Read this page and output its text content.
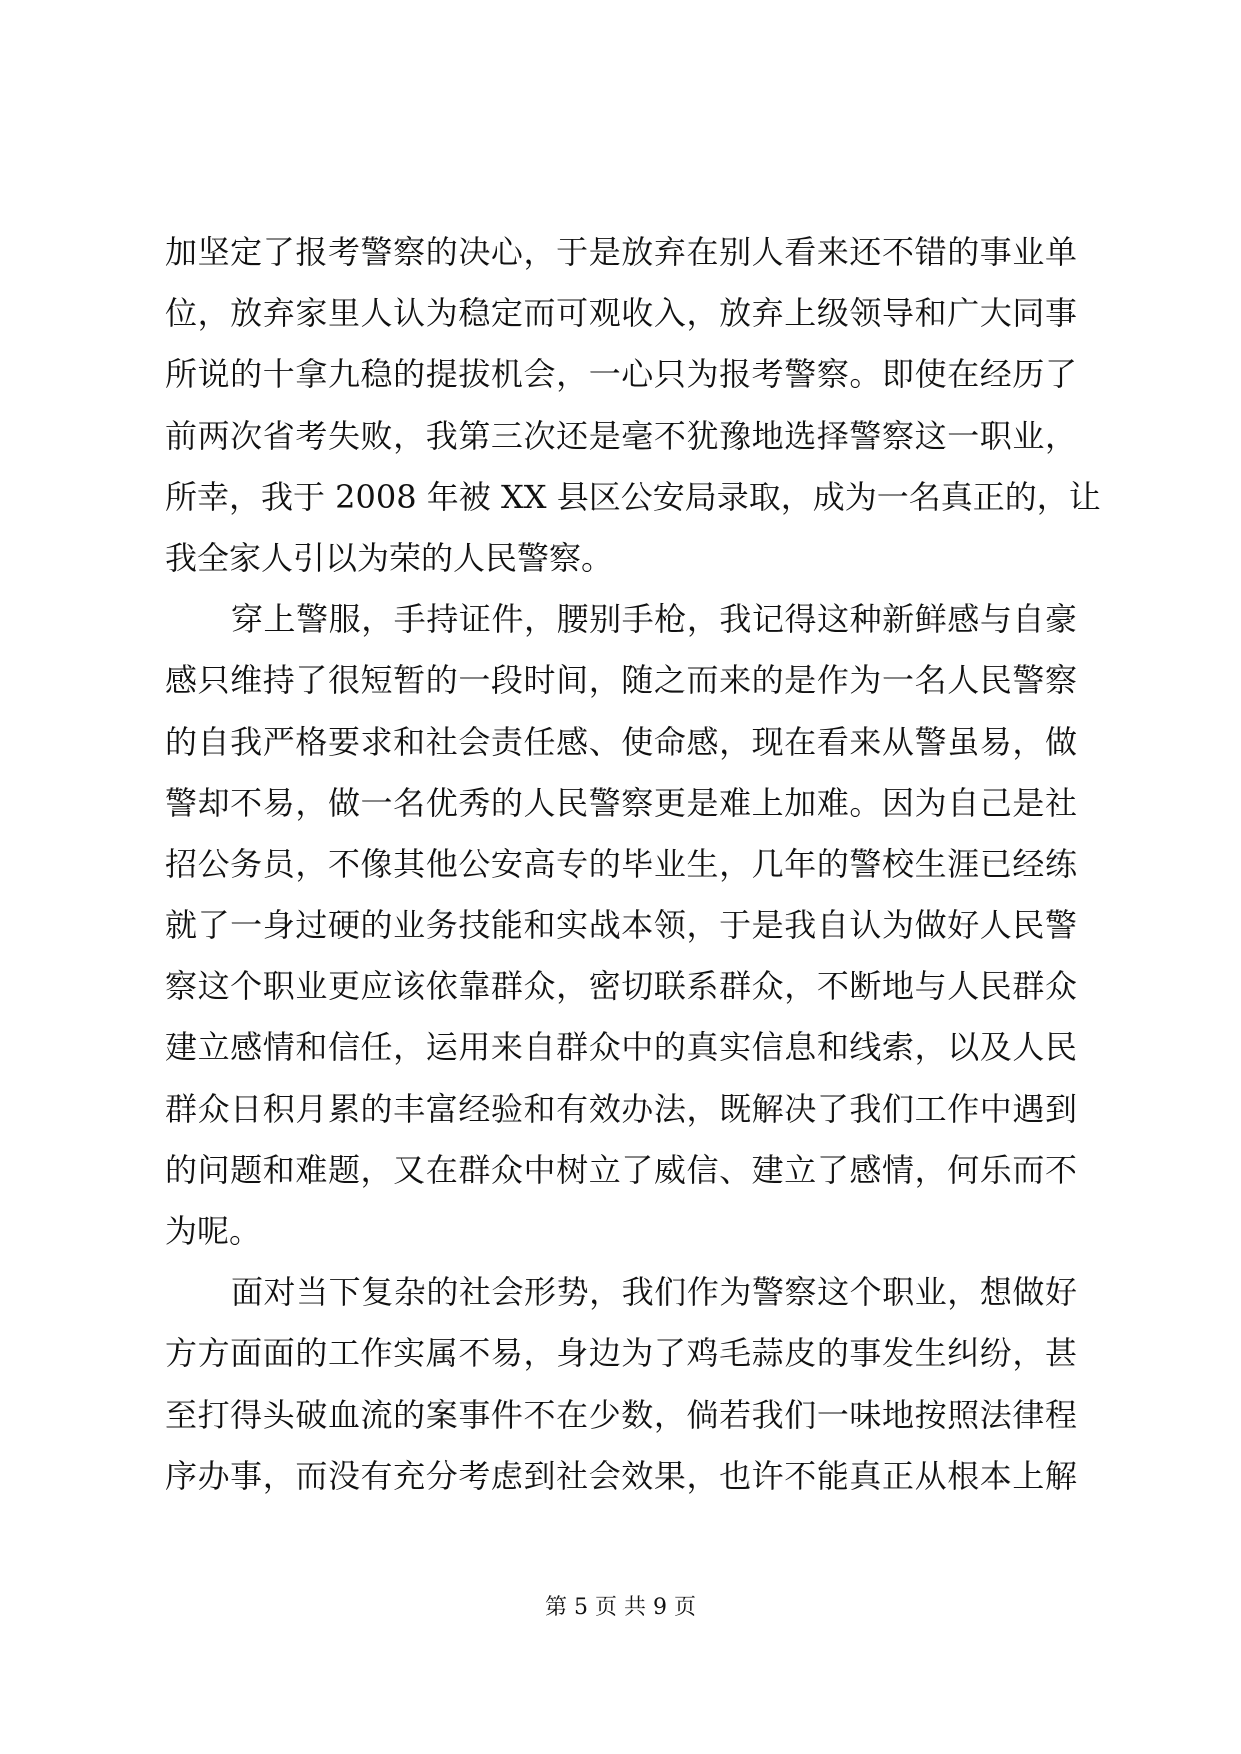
加坚定了报考警察的决心，于是放弃在别人看来还不错的事业单
位，放弃家里人认为稳定而可观收入，放弃上级领导和广大同事
所说的十拿九稳的提拔机会，一心只为报考警察。即使在经历了
前两次省考失败，我第三次还是毫不犹豫地选择警察这一职业，
所幸，我于 2008 年被 XX 县区公安局录取，成为一名真正的，让
我全家人引以为荣的人民警察。
穿上警服，手持证件，腰别手枪，我记得这种新鲜感与自豪
感只维持了很短暂的一段时间，随之而来的是作为一名人民警察
的自我严格要求和社会责任感、使命感，现在看来从警虽易，做
警却不易，做一名优秀的人民警察更是难上加难。因为自己是社
招公务员，不像其他公安高专的毕业生，几年的警校生涯已经练
就了一身过硬的业务技能和实战本领，于是我自认为做好人民警
察这个职业更应该依靠群众，密切联系群众，不断地与人民群众
建立感情和信任，运用来自群众中的真实信息和线索，以及人民
群众日积月累的丰富经验和有效办法，既解决了我们工作中遇到
的问题和难题，又在群众中树立了威信、建立了感情，何乐而不
为呢。
面对当下复杂的社会形势，我们作为警察这个职业，想做好
方方面面的工作实属不易，身边为了鸡毛蒜皮的事发生纠纷，甚
至打得头破血流的案事件不在少数，倘若我们一味地按照法律程
序办事，而没有充分考虑到社会效果，也许不能真正从根本上解
第 5 页 共 9 页
